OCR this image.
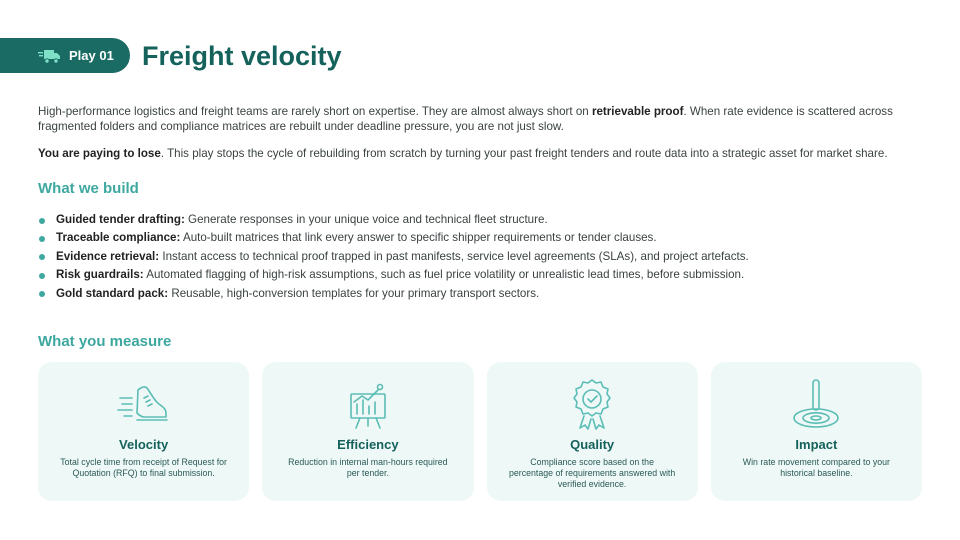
Play 01 Freight velocity

High-performance logistics and freight teams are rarely short on expertise. They are almost always short on retrievable proof. When rate evidence is scattered across fragmented folders and compliance matrices are rebuilt under deadline pressure, you are not just slow.

You are paying to lose. This play stops the cycle of rebuilding from scratch by turning your past freight tenders and route data into a strategic asset for market share.

What we build
Guided tender drafting: Generate responses in your unique voice and technical fleet structure.
Traceable compliance: Auto-built matrices that link every answer to specific shipper requirements or tender clauses.
Evidence retrieval: Instant access to technical proof trapped in past manifests, service level agreements (SLAs), and project artefacts.
Risk guardrails: Automated flagging of high-risk assumptions, such as fuel price volatility or unrealistic lead times, before submission.
Gold standard pack: Reusable, high-conversion templates for your primary transport sectors.
What you measure
Velocity
Total cycle time from receipt of Request for Quotation (RFQ) to final submission.
Efficiency
Reduction in internal man-hours required per tender.
Quality
Compliance score based on the percentage of requirements answered with verified evidence.
Impact
Win rate movement compared to your historical baseline.
